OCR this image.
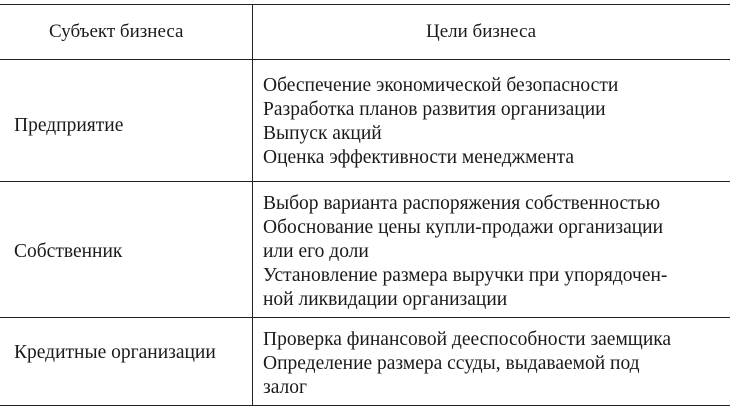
Субъект бизнеса	Цели бизнеса
Предприятие
Обеспечение экономической безопасности
Разработка планов развития организации
Выпуск акций
Оценка эффективности менеджмента
Собственник
Выбор варианта распоряжения собственностью
Обоснование цены купли-продажи организации
или его доли
Установление размера выручки при упорядочен-
ной ликвидации организации
Кредитные организации
Проверка финансовой дееспособности заемщика
Определение размера ссуды, выдаваемой под
залог
